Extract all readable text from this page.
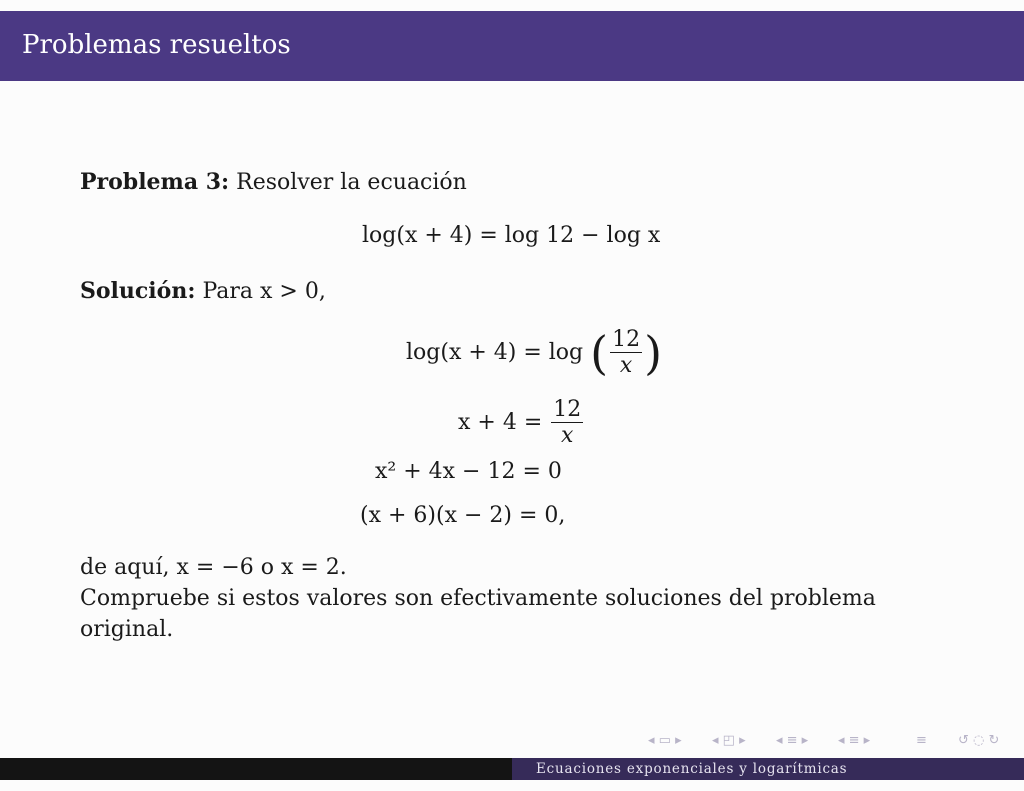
Problemas resueltos
Problema 3: Resolver la ecuación
log(x + 4) = log 12 − log x
Solución: Para x > 0,
log(x + 4) = log ( $\frac{12}{x}$ )
$x + 4 = \frac{12}{x}$
x² + 4x − 12 = 0
(x + 6)(x − 2) = 0,
de aquí, x = −6 o x = 2.
Compruebe si estos valores son efectivamente soluciones del problema
original.
◂ ▭ ▸ ◂ ◰ ▸ ◂ ≡ ▸ ◂ ≡ ▸	≡ ↺ ◌ ↻
Ecuaciones exponenciales y logarítmicas
